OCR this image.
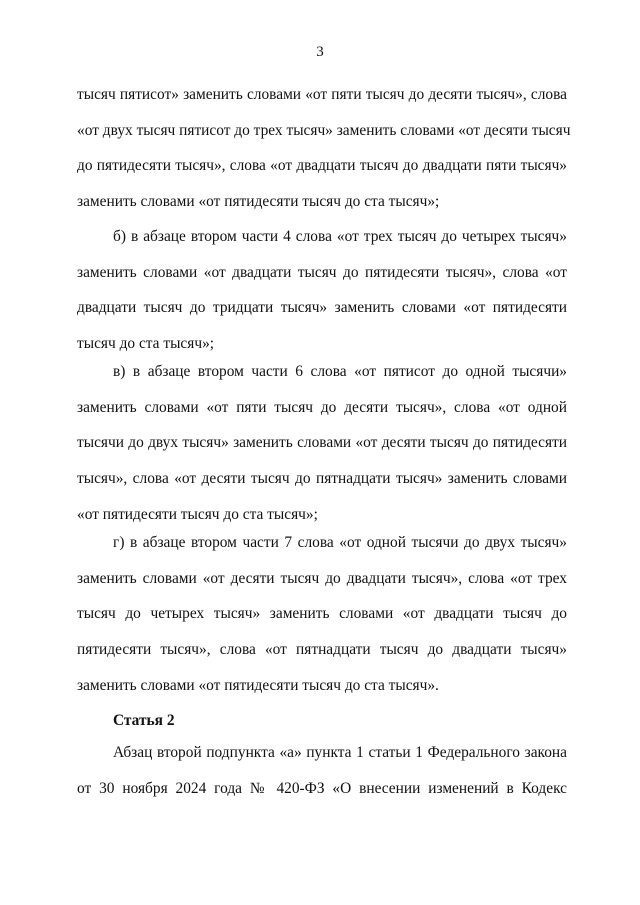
3
тысяч пятисот» заменить словами «от пяти тысяч до десяти тысяч», слова
«от двух тысяч пятисот до трех тысяч» заменить словами «от десяти тысяч
до пятидесяти тысяч», слова «от двадцати тысяч до двадцати пяти тысяч»
заменить словами «от пятидесяти тысяч до ста тысяч»;
б) в абзаце втором части 4 слова «от трех тысяч до четырех тысяч»
заменить словами «от двадцати тысяч до пятидесяти тысяч», слова «от
двадцати тысяч до тридцати тысяч» заменить словами «от пятидесяти
тысяч до ста тысяч»;
в) в абзаце втором части 6 слова «от пятисот до одной тысячи»
заменить словами «от пяти тысяч до десяти тысяч», слова «от одной
тысячи до двух тысяч» заменить словами «от десяти тысяч до пятидесяти
тысяч», слова «от десяти тысяч до пятнадцати тысяч» заменить словами
«от пятидесяти тысяч до ста тысяч»;
г) в абзаце втором части 7 слова «от одной тысячи до двух тысяч»
заменить словами «от десяти тысяч до двадцати тысяч», слова «от трех
тысяч до четырех тысяч» заменить словами «от двадцати тысяч до
пятидесяти тысяч», слова «от пятнадцати тысяч до двадцати тысяч»
заменить словами «от пятидесяти тысяч до ста тысяч».
Статья 2
Абзац второй подпункта «а» пункта 1 статьи 1 Федерального закона
от 30 ноября 2024 года № 420-ФЗ «О внесении изменений в Кодекс
